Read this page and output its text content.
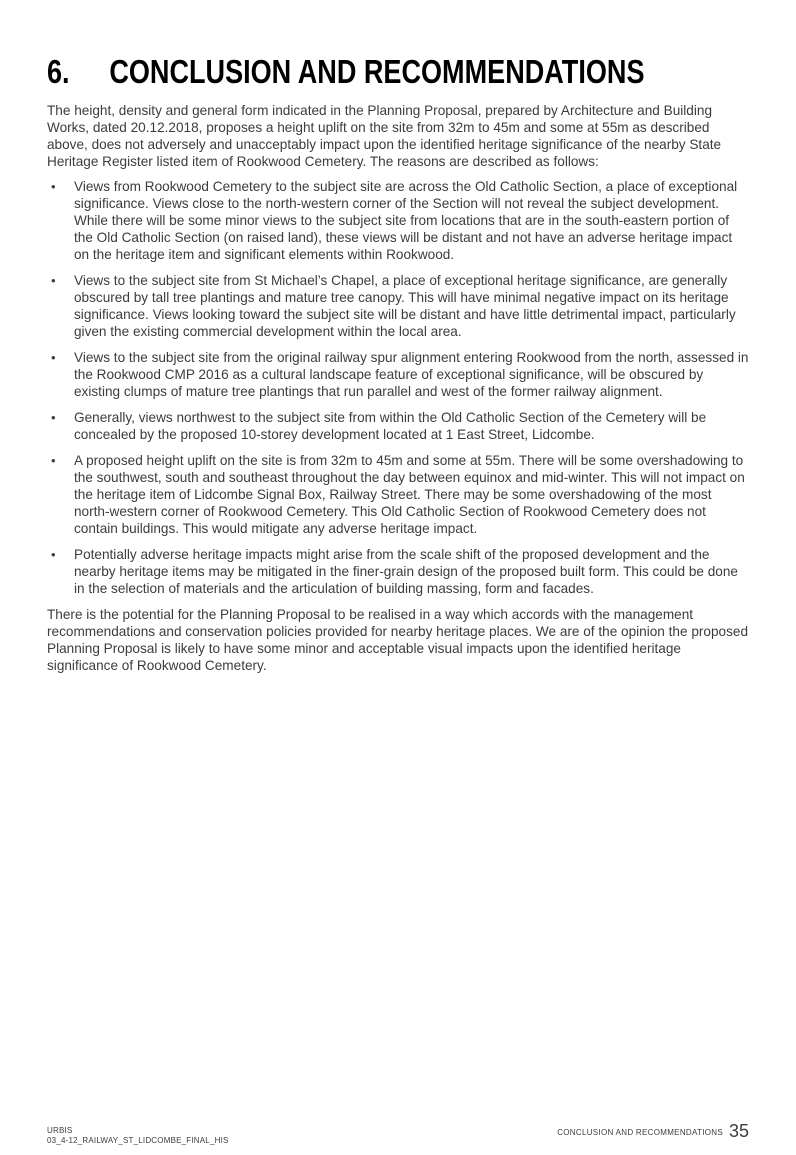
6. CONCLUSION AND RECOMMENDATIONS

The height, density and general form indicated in the Planning Proposal, prepared by Architecture and Building Works, dated 20.12.2018, proposes a height uplift on the site from 32m to 45m and some at 55m as described above, does not adversely and unacceptably impact upon the identified heritage significance of the nearby State Heritage Register listed item of Rookwood Cemetery. The reasons are described as follows:

• Views from Rookwood Cemetery to the subject site are across the Old Catholic Section, a place of exceptional significance. Views close to the north-western corner of the Section will not reveal the subject development. While there will be some minor views to the subject site from locations that are in the south-eastern portion of the Old Catholic Section (on raised land), these views will be distant and not have an adverse heritage impact on the heritage item and significant elements within Rookwood.
• Views to the subject site from St Michael’s Chapel, a place of exceptional heritage significance, are generally obscured by tall tree plantings and mature tree canopy. This will have minimal negative impact on its heritage significance. Views looking toward the subject site will be distant and have little detrimental impact, particularly given the existing commercial development within the local area.
• Views to the subject site from the original railway spur alignment entering Rookwood from the north, assessed in the Rookwood CMP 2016 as a cultural landscape feature of exceptional significance, will be obscured by existing clumps of mature tree plantings that run parallel and west of the former railway alignment.
• Generally, views northwest to the subject site from within the Old Catholic Section of the Cemetery will be concealed by the proposed 10-storey development located at 1 East Street, Lidcombe.
• A proposed height uplift on the site is from 32m to 45m and some at 55m. There will be some overshadowing to the southwest, south and southeast throughout the day between equinox and mid-winter. This will not impact on the heritage item of Lidcombe Signal Box, Railway Street. There may be some overshadowing of the most north-western corner of Rookwood Cemetery. This Old Catholic Section of Rookwood Cemetery does not contain buildings. This would mitigate any adverse heritage impact.
• Potentially adverse heritage impacts might arise from the scale shift of the proposed development and the nearby heritage items may be mitigated in the finer-grain design of the proposed built form. This could be done in the selection of materials and the articulation of building massing, form and facades.

There is the potential for the Planning Proposal to be realised in a way which accords with the management recommendations and conservation policies provided for nearby heritage places. We are of the opinion the proposed Planning Proposal is likely to have some minor and acceptable visual impacts upon the identified heritage significance of Rookwood Cemetery.

URBIS
03_4-12_RAILWAY_ST_LIDCOMBE_FINAL_HIS
CONCLUSION AND RECOMMENDATIONS 35
